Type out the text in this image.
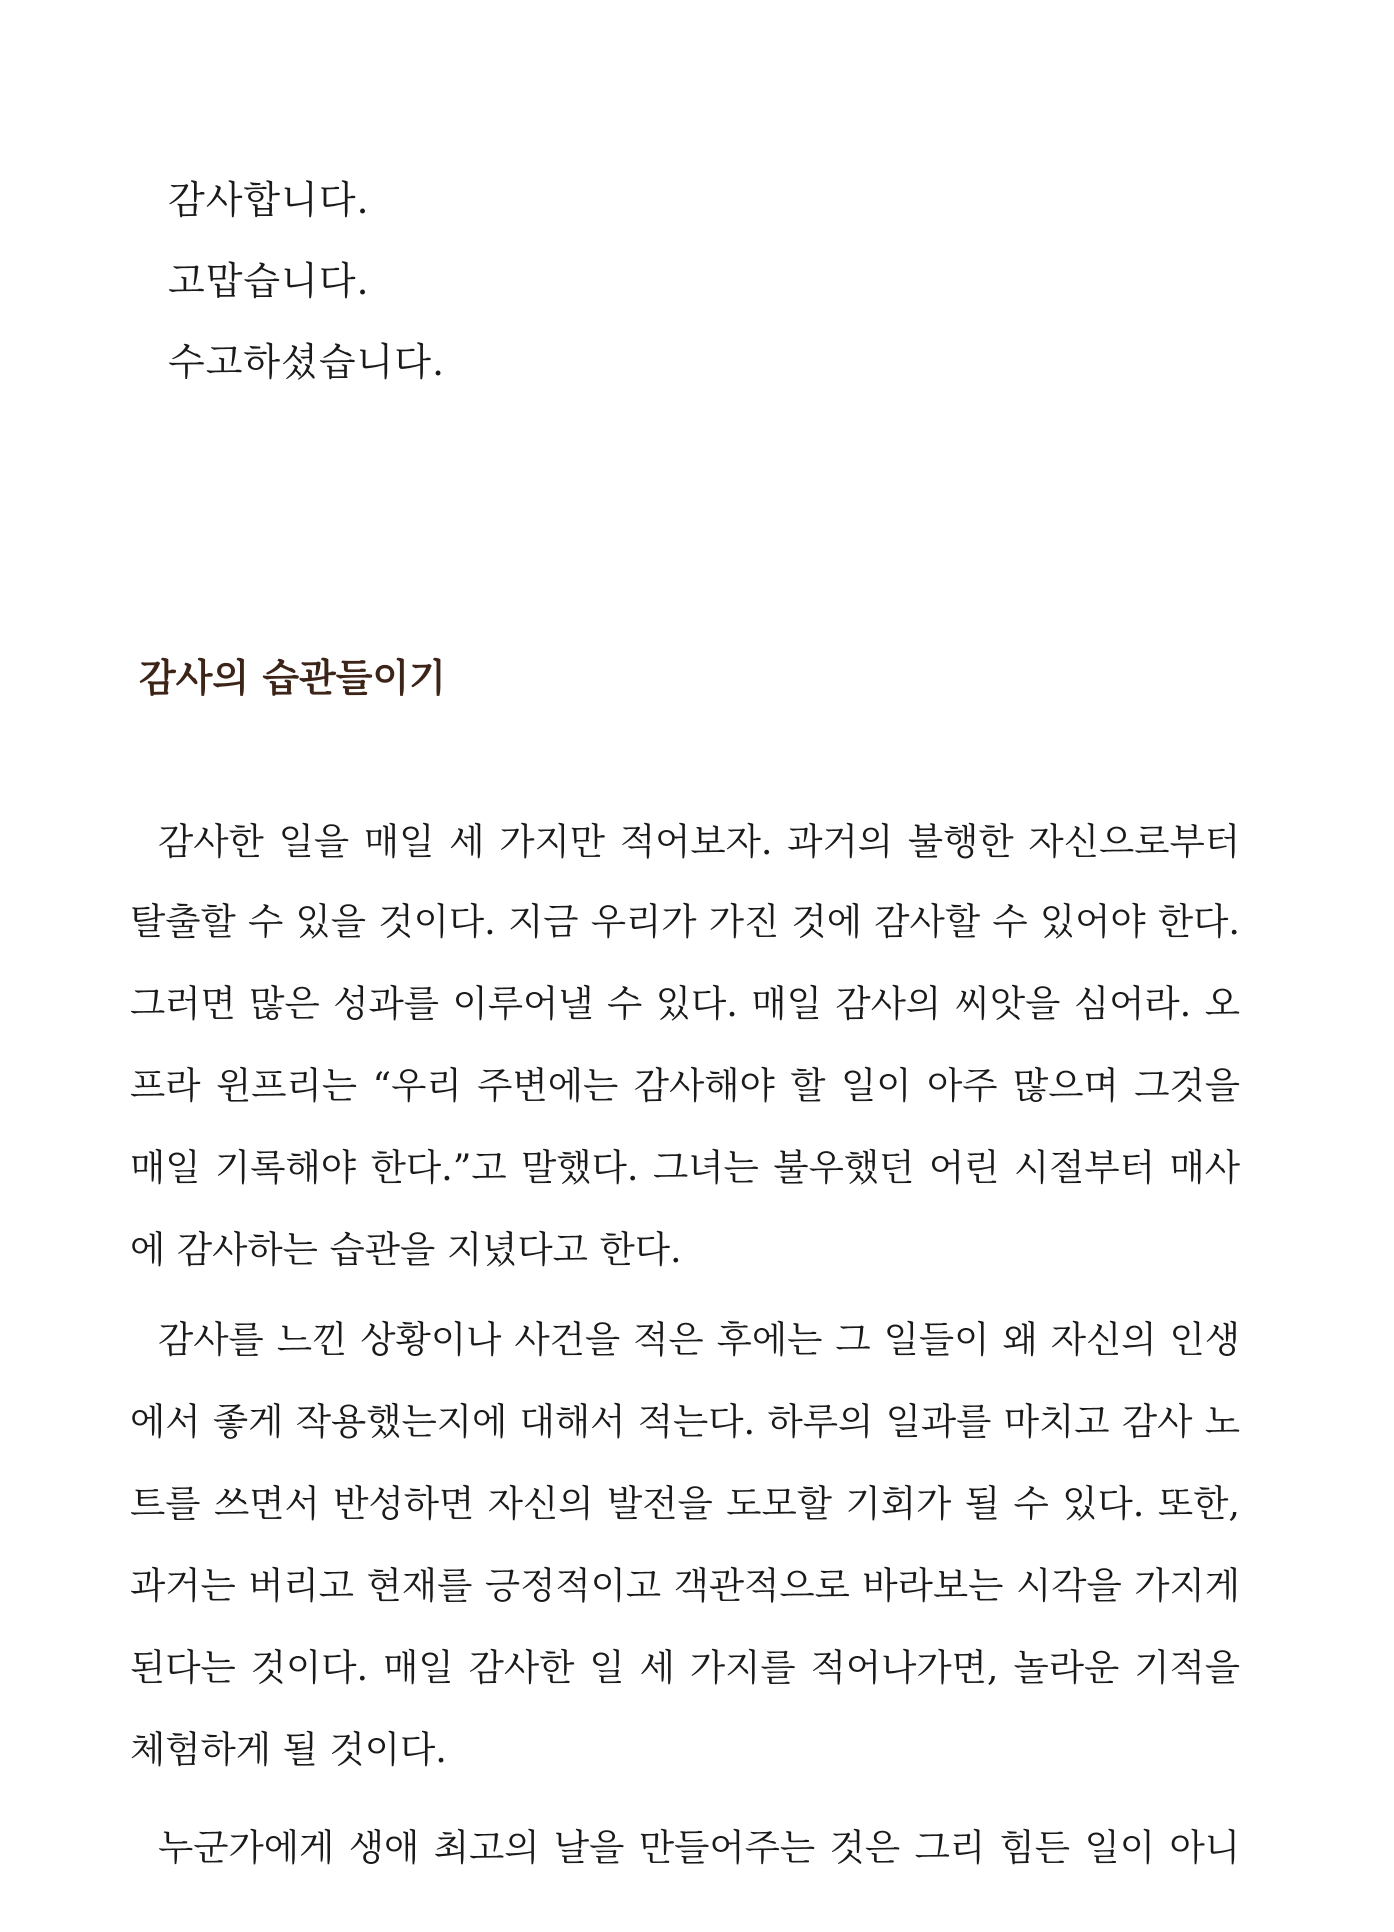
감사합니다.
고맙습니다.
수고하셨습니다.
감사의 습관들이기
감사한 일을 매일 세 가지만 적어보자. 과거의 불행한 자신으로부터
탈출할 수 있을 것이다. 지금 우리가 가진 것에 감사할 수 있어야 한다.
그러면 많은 성과를 이루어낼 수 있다. 매일 감사의 씨앗을 심어라. 오
프라 윈프리는 “우리 주변에는 감사해야 할 일이 아주 많으며 그것을
매일 기록해야 한다.”고 말했다. 그녀는 불우했던 어린 시절부터 매사
에 감사하는 습관을 지녔다고 한다.
감사를 느낀 상황이나 사건을 적은 후에는 그 일들이 왜 자신의 인생
에서 좋게 작용했는지에 대해서 적는다. 하루의 일과를 마치고 감사 노
트를 쓰면서 반성하면 자신의 발전을 도모할 기회가 될 수 있다. 또한,
과거는 버리고 현재를 긍정적이고 객관적으로 바라보는 시각을 가지게
된다는 것이다. 매일 감사한 일 세 가지를 적어나가면, 놀라운 기적을
체험하게 될 것이다.
누군가에게 생애 최고의 날을 만들어주는 것은 그리 힘든 일이 아니
